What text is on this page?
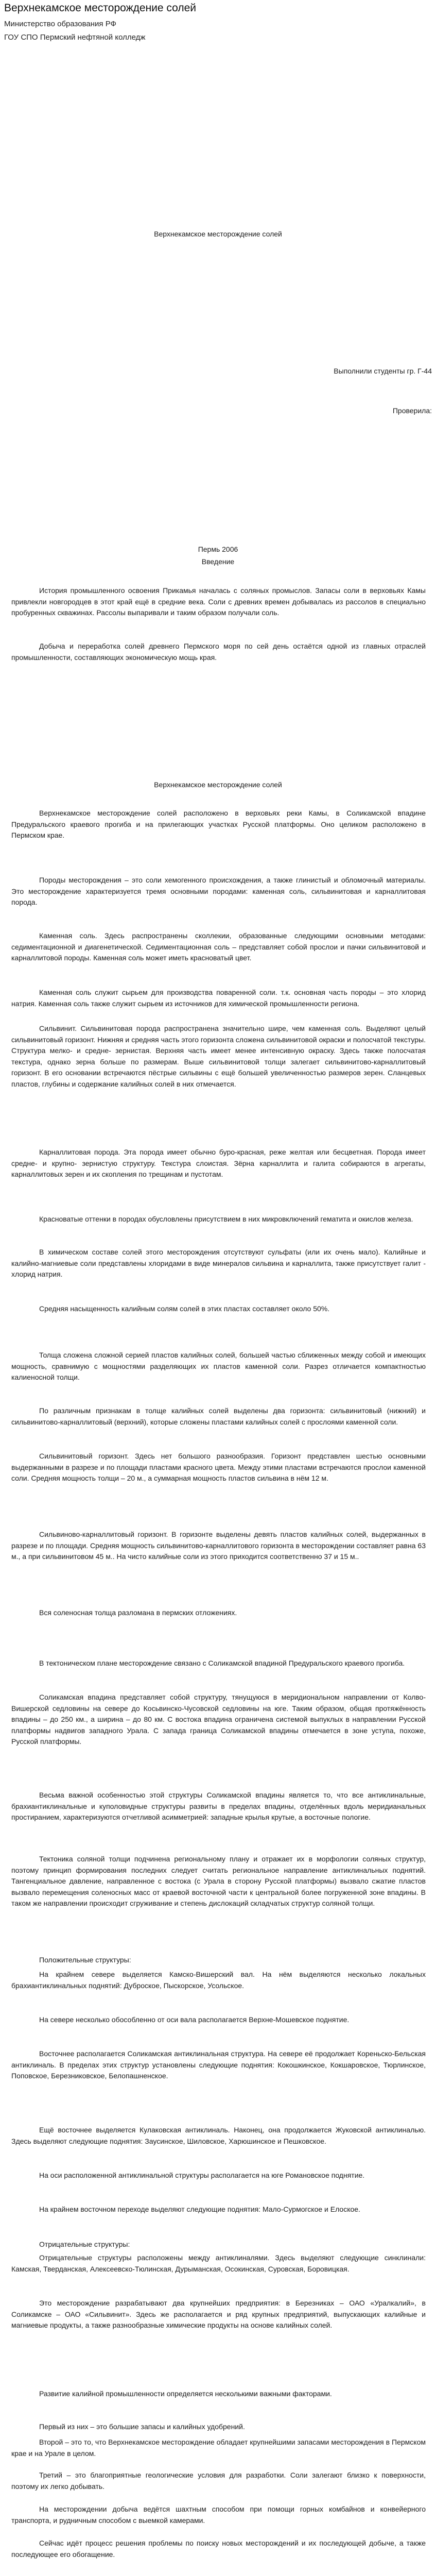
Верхнекамское месторождение солей
Министерство образования РФ
ГОУ СПО Пермский нефтяной колледж
Верхнекамское месторождение солей
Выполнили студенты гр. Г-44
Проверила:
Пермь 2006
Введение

История промышленного освоения Прикамья началась с соляных промыслов. Запасы соли в верховьях Камы привлекли новгородцев в этот край ещё в средние века. Соли с древних времен добывалась из рассолов в специально пробуренных скважинах. Рассолы выпаривали и таким образом получали соль.

Добыча и переработка солей древнего Пермского моря по сей день остаётся одной из главных отраслей промышленности, составляющих экономическую мощь края.

Верхнекамское месторождение солей

Верхнекамское месторождение солей расположено в верховьях реки Камы, в Соликамской впадине Предуральского краевого прогиба и на прилегающих участках Русской платформы. Оно целиком расположено в Пермском крае.

Породы месторождения – это соли хемогенного происхождения, а также глинистый и обломочный материалы. Это месторождение характеризуется тремя основными породами: каменная соль, сильвинитовая и карналлитовая порода.

Каменная соль. Здесь распространены сколлекии, образованные следующими основными методами: седиментационной и диагенетической. Седиментационная соль – представляет собой прослои и пачки сильвинитовой и карналлитовой породы. Каменная соль может иметь красноватый цвет.

Каменная соль служит сырьем для производства поваренной соли. т.к. основная часть породы – это хлорид натрия. Каменная соль также служит сырьем из источников для химической промышленности региона.

Сильвинит. Сильвинитовая порода распространена значительно шире, чем каменная соль. Выделяют целый сильвинитовый горизонт. Нижняя и средняя часть этого горизонта сложена сильвинитовой окраски и полосчатой текстуры. Структура мелко- и средне- зернистая. Верхняя часть имеет менее интенсивную окраску. Здесь также полосчатая текстура, однако зерна больше по размерам. Выше сильвинитовой толщи залегает сильвинитово-карналлитовый горизонт. В его основании встречаются пёстрые сильвины с ещё большей увеличенностью размеров зерен. Сланцевых пластов, глубины и содержание калийных солей в них отмечается.

Карналлитовая порода. Эта порода имеет обычно буро-красная, реже желтая или бесцветная. Порода имеет средне- и крупно- зернистую структуру. Текстура слоистая. Зёрна карналлита и галита собираются в агрегаты, карналлитовых зерен и их скопления по трещинам и пустотам.

Красноватые оттенки в породах обусловлены присутствием в них микровключений гематита и окислов железа.

В химическом составе солей этого месторождения отсутствуют сульфаты (или их очень мало). Калийные и калийно-магниевые соли представлены хлоридами в виде минералов сильвина и карналлита, также присутствует галит - хлорид натрия.

Средняя насыщенность калийным солям солей в этих пластах составляет около 50%.

Толща сложена сложной серией пластов калийных солей, большей частью сближенных между собой и имеющих мощность, сравнимую с мощностями разделяющих их пластов каменной соли. Разрез отличается компактностью калиеносной толщи.

По различным признакам в толще калийных солей выделены два горизонта: сильвинитовый (нижний) и сильвинитово-карналлитовый (верхний), которые сложены пластами калийных солей с прослоями каменной соли.

Сильвинитовый горизонт. Здесь нет большого разнообразия. Горизонт представлен шестью основными выдержанными в разрезе и по площади пластами красного цвета. Между этими пластами встречаются прослои каменной соли. Средняя мощность толщи – 20 м., а суммарная мощность пластов сильвина в нём 12 м.

Сильвиново-карналлитовый горизонт. В горизонте выделены девять пластов калийных солей, выдержанных в разрезе и по площади. Средняя мощность сильвинитово-карналлитового горизонта в месторождении составляет равна 63 м., а при сильвинитовом 45 м.. На чисто калийные соли из этого приходится соответственно 37 и 15 м..

Вся соленосная толща разломана в пермских отложениях.

В тектоническом плане месторождение связано с Соликамской впадиной Предуральского краевого прогиба.

Соликамская впадина представляет собой структуру, тянущуюся в меридиональном направлении от Колво-Вишерской седловины на севере до Косьвинско-Чусовской седловины на юге. Таким образом, общая протяжённость впадины – до 250 км., а ширина – до 80 км. С востока впадина ограничена системой выпуклых в направлении Русской платформы надвигов западного Урала. С запада граница Соликамской впадины отмечается в зоне уступа, похоже, Русской платформы.

Весьма важной особенностью этой структуры Соликамской впадины является то, что все антиклинальные, брахиантиклинальные и куполовидные структуры развиты в пределах впадины, отделённых вдоль меридианальных простиранием, характеризуются отчетливой асимметрией: западные крылья крутые, а восточные пологие.

Тектоника соляной толщи подчинена региональному плану и отражает их в морфологии соляных структур, поэтому принцип формирования последних следует считать региональное направление антиклинальных поднятий. Тангенциальное давление, направленное с востока (с Урала в сторону Русской платформы) вызвало сжатие пластов вызвало перемещения соленосных масс от краевой восточной части к центральной более погруженной зоне впадины. В таком же направлении происходит сгруживание и степень дислокаций складчатых структур соляной толщи.

Положительные структуры:

На крайнем севере выделяется Камско-Вишерский вал. На нём выделяются несколько локальных брахиантиклинальных поднятий: Дуброское, Пыскорское, Усольское.

На севере несколько обособленно от оси вала располагается Верхне-Мошевское поднятие.

Восточнее располагается Соликамская антиклинальная структура. На севере её продолжает Кореньско-Бельская антиклиналь. В пределах этих структур установлены следующие поднятия: Кокошкинское, Кокшаровское, Тюрлинское, Поповское, Березниковское, Белопашненское.

Ещё восточнее выделяется Кулаковская антиклиналь. Наконец, она продолжается Жуковской антиклиналью. Здесь выделяют следующие поднятия: Заусинское, Шиловское, Харюшинское и Пешковское.

На оси расположенной антиклинальной структуры располагается на юге Романовское поднятие.

На крайнем восточном переходе выделяют следующие поднятия: Мало-Сурмогское и Елоское.

Отрицательные структуры:

Отрицательные структуры расположены между антиклиналями. Здесь выделяют следующие синклинали: Камская, Тверданская, Алексеевско-Тюлинская, Дурыманская, Осокинская, Суровская, Боровицкая.

Это месторождение разрабатывают два крупнейших предприятия: в Березниках – ОАО «Уралкалий», в Соликамске – ОАО «Сильвинит». Здесь же располагается и ряд крупных предприятий, выпускающих калийные и магниевые продукты, а также разнообразные химические продукты на основе калийных солей.

Развитие калийной промышленности определяется несколькими важными факторами.

Первый из них – это большие запасы и калийных удобрений.

Второй – это то, что Верхнекамское месторождение обладает крупнейшими запасами месторождения в Пермском крае и на Урале в целом.

Третий – это благоприятные геологические условия для разработки. Соли залегают близко к поверхности, поэтому их легко добывать.

На месторождении добыча ведётся шахтным способом при помощи горных комбайнов и конвейерного транспорта, и рудничным способом с выемкой камерами.

Сейчас идёт процесс решения проблемы по поиску новых месторождений и их последующей добыче, а также последующее его обогащение.
